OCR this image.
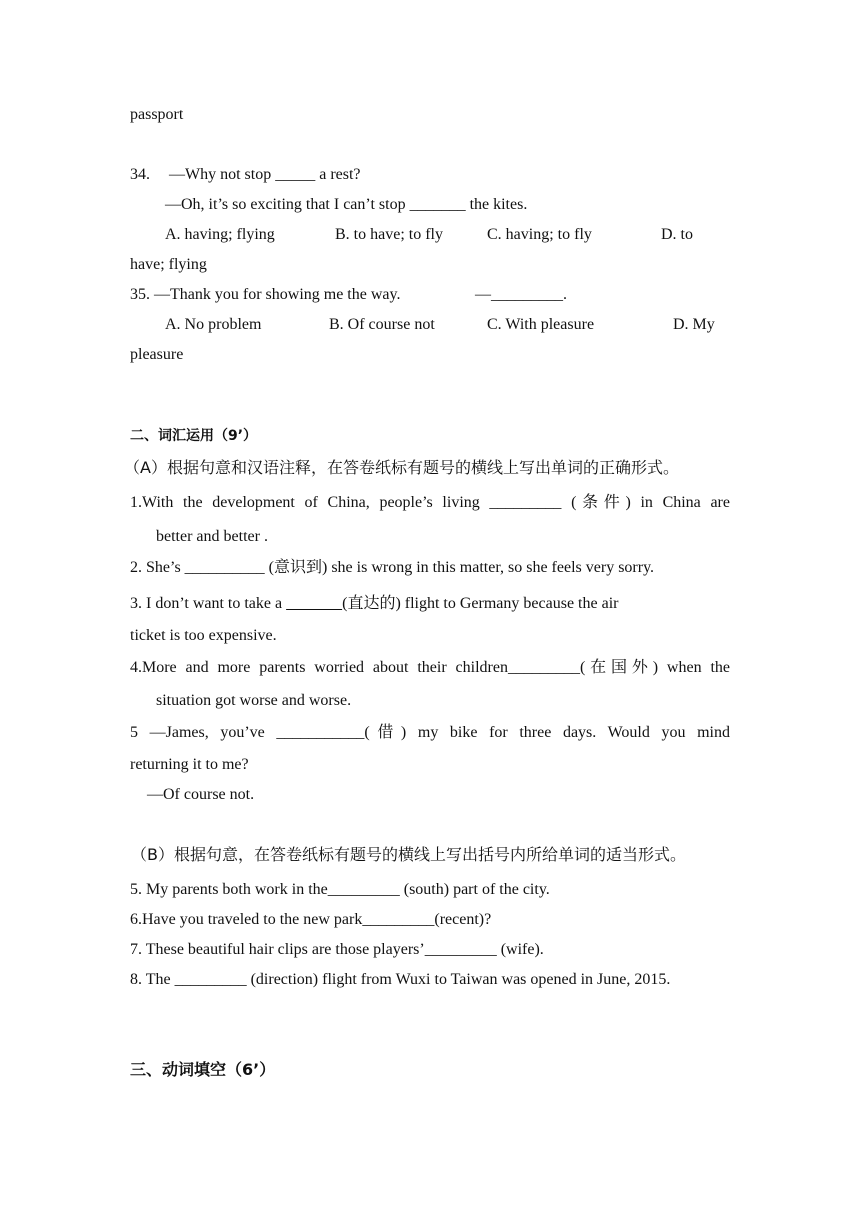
passport
34. —Why not stop _____ a rest?
—Oh, it’s so exciting that I can’t stop _______ the kites.
A. having; flying	B. to have; to fly	C. having; to fly	D. to
have; flying
35. —Thank you for showing me the way.	—_________.
A. No problem	B. Of course not	C. With pleasure	D. My
pleasure
二、词汇运用（9’）
（A）根据句意和汉语注释，在答卷纸标有题号的横线上写出单词的正确形式。
1.With the development of China, people’s living _________ (条件) in China are
better and better .
2. She’s __________ (意识到) she is wrong in this matter, so she feels very sorry.
3. I don’t want to take a	(直达的) flight to Germany because the air
ticket is too expensive.
4.More and more parents worried about their children_________(在国外) when the
situation got worse and worse.
5 —James, you’ve ___________(借) my bike for three days. Would you mind
returning it to me?
—Of course not.
（B）根据句意，在答卷纸标有题号的横线上写出括号内所给单词的适当形式。
5. My parents both work in the_________ (south) part of the city.
6.Have you traveled to the new park_________(recent)?
7. These beautiful hair clips are those players’_________ (wife).
8. The _________ (direction) flight from Wuxi to Taiwan was opened in June, 2015.
三、动词填空（6’）
